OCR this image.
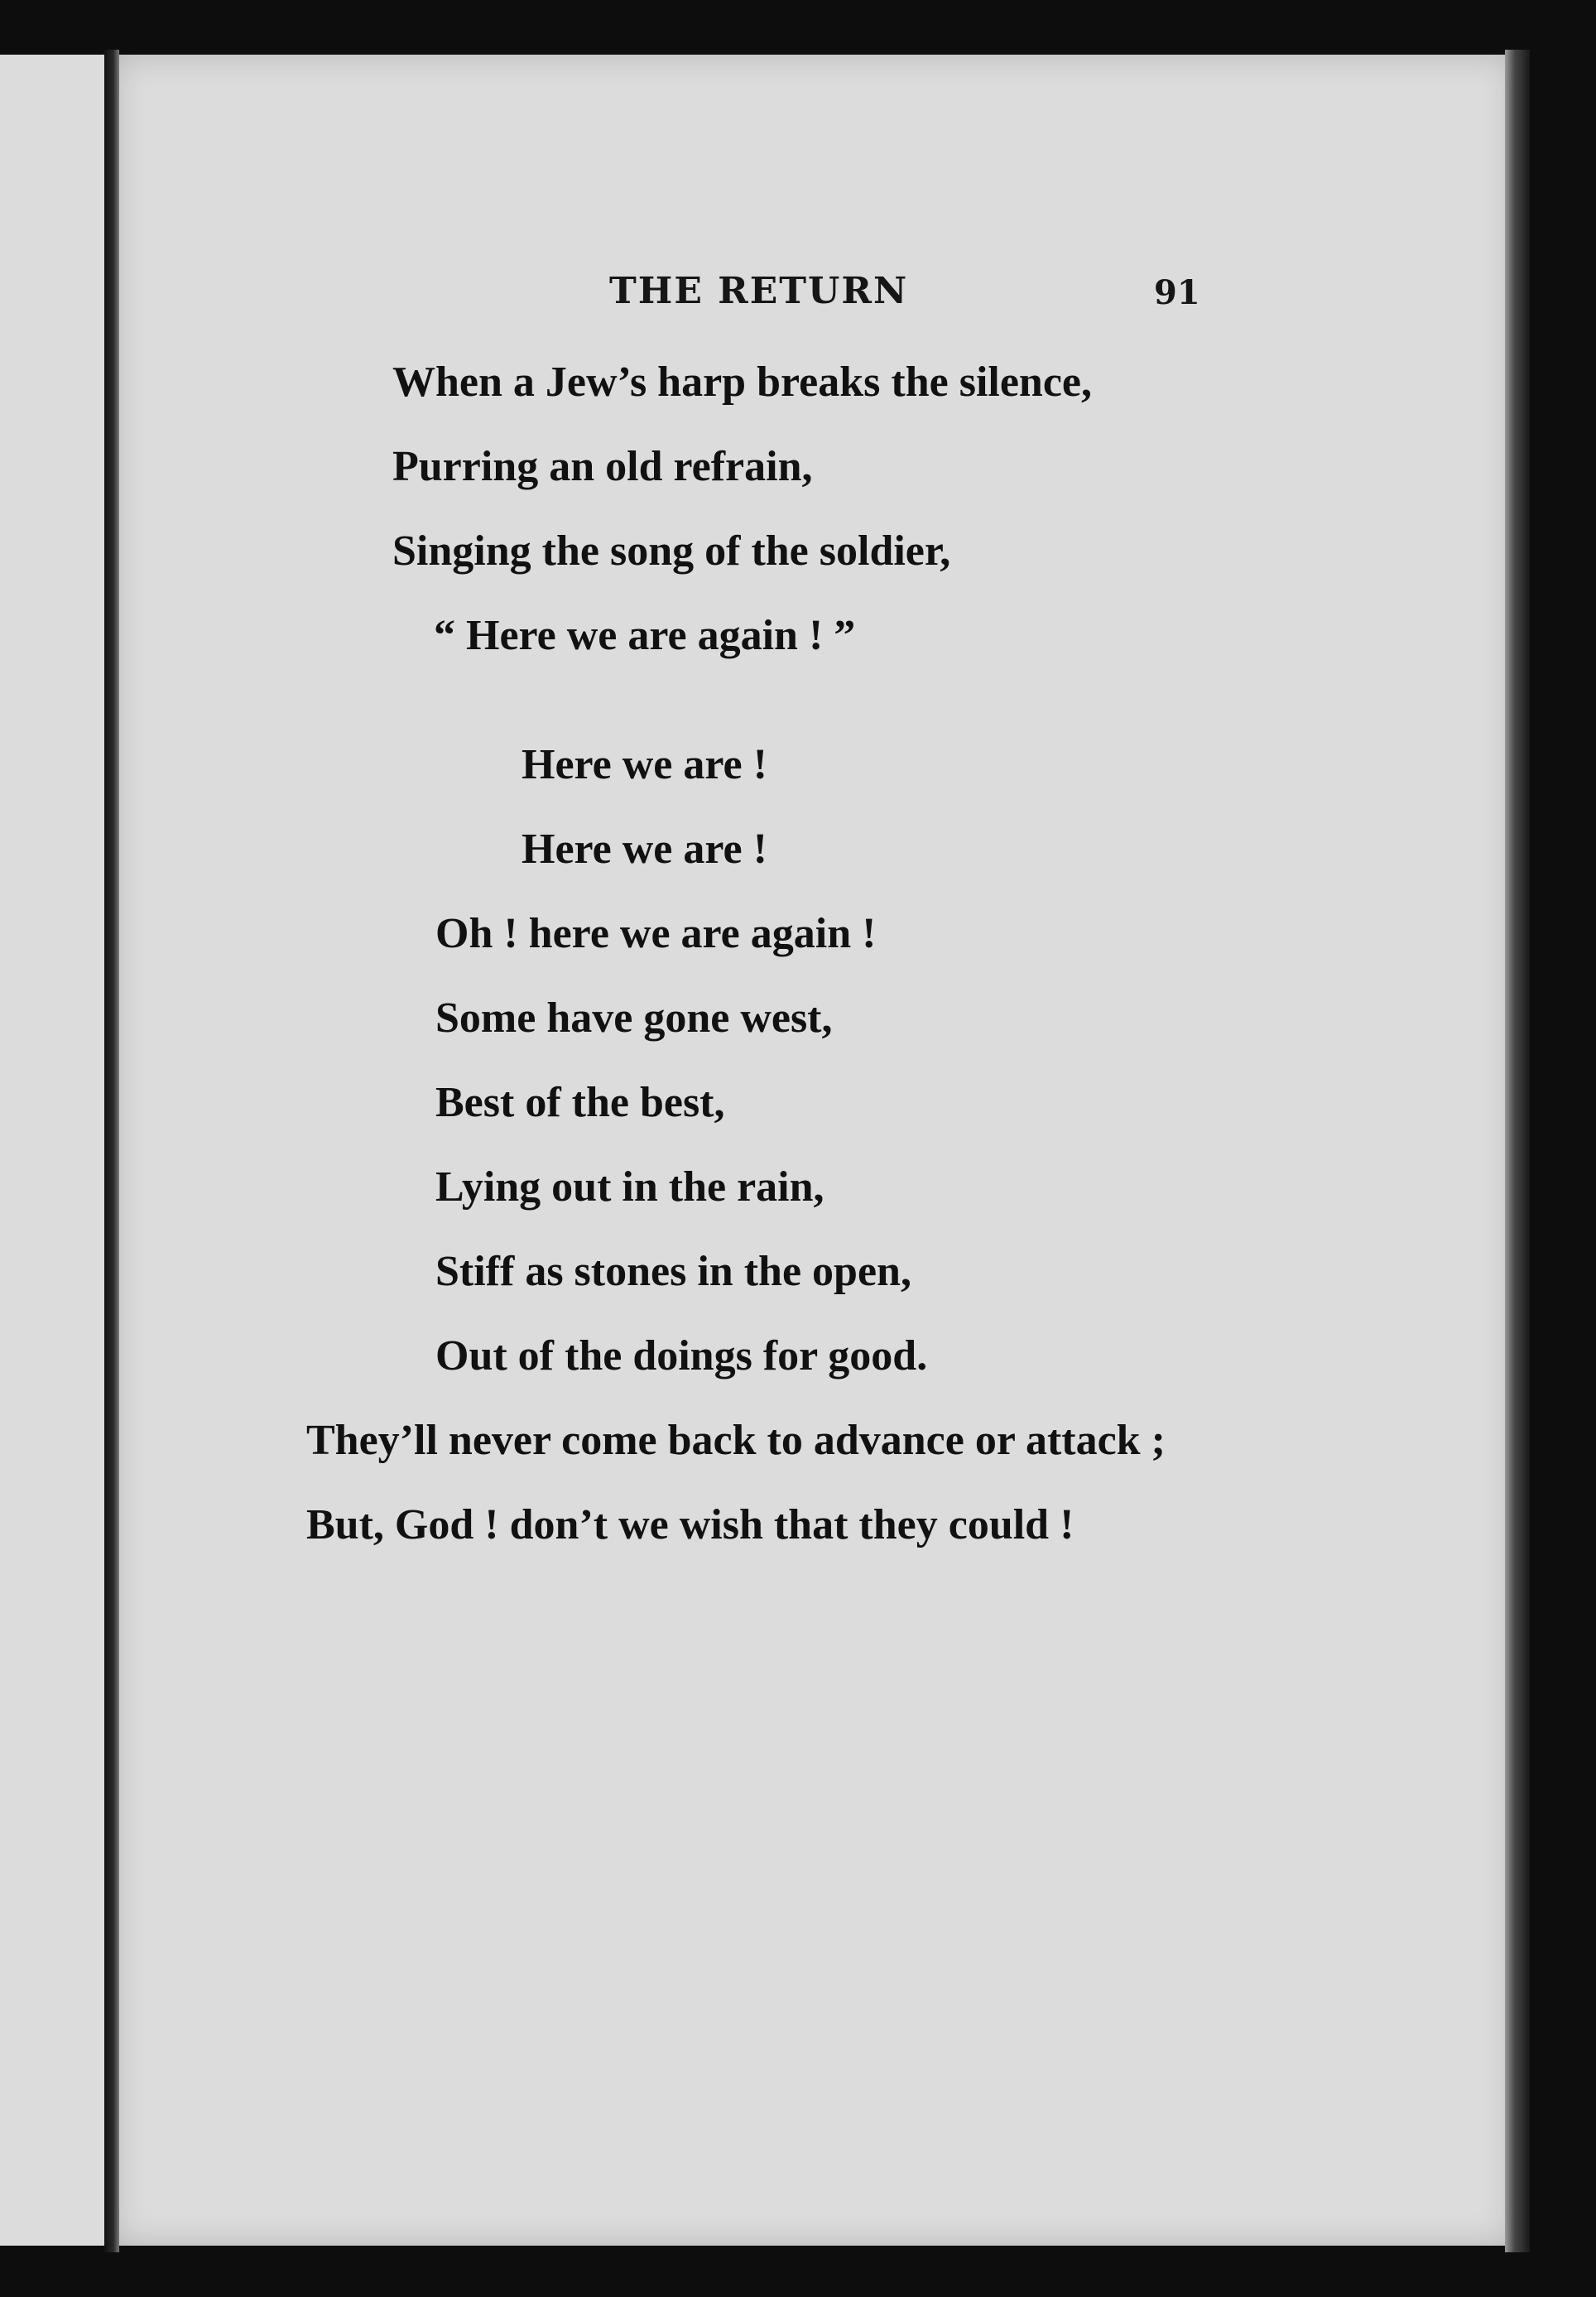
THE RETURN	91
When a Jew’s harp breaks the silence,
Purring an old refrain,
Singing the song of the soldier,
“ Here we are again ! ”
Here we are !
Here we are !
Oh ! here we are again !
Some have gone west,
Best of the best,
Lying out in the rain,
Stiff as stones in the open,
Out of the doings for good.
They’ll never come back to advance or attack ;
But, God ! don’t we wish that they could !
